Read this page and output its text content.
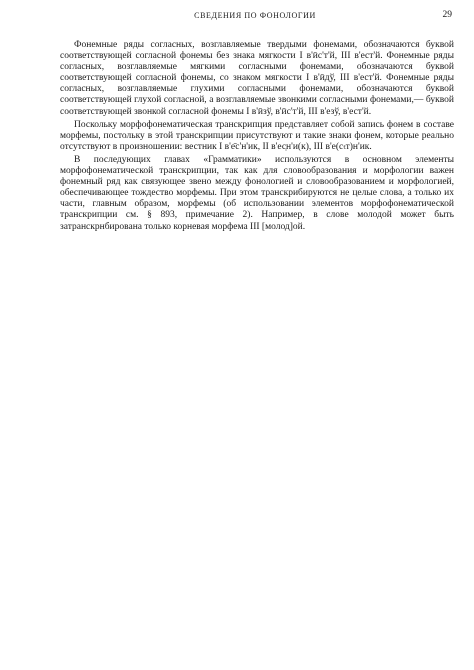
СВЕДЕНИЯ ПО ФОНОЛОГИИ	29

Фонемные ряды согласных, возглавляемые твердыми фонемами, обозначаются буквой соответствующей согласной фонемы без знака мягкости I в'ӣс'т'й, III в'ест'й. Фонемные ряды согласных, возглавляемые мягкими согласными фонемами, обозначаются буквой соответствующей согласной фонемы, со знаком мягкости I в'ӣдў, III в'ест'й. Фонемные ряды согласных, возглавляемые глухими согласными фонемами, обозначаются буквой соответствующей глухой согласной, а возглавляемые звонкими согласными фонемами,— буквой соответствующей звонкой согласной фонемы I в'ӣзў, в'ӣс'т'й, III в'езў, в'ест'й.

Поскольку морфофонематическая транскрипция представляет собой запись фонем в составе морфемы, постольку в этой транскрипции присутствуют и такие знаки фонем, которые реально отсутствуют в произношении: вестник I в'е̄с'н'ик, II в'ес̣н'и(к), III в'е(сₜт)н'ик.

В последующих главах «Грамматики» используются в основном элементы морфофонематической транскрипции, так как для словообразования и морфологии важен фонемный ряд как связующее звено между фонологией и словообразованием и морфологией, обеспечивающее тождество морфемы. При этом транскрибируются не целые слова, а только их части, главным образом, морфемы (об использовании элементов морфофонематической транскрипции см. § 893, примечание 2). Например, в слове молодой может быть затранскрнбирована только корневая морфема III [молод]ой.
